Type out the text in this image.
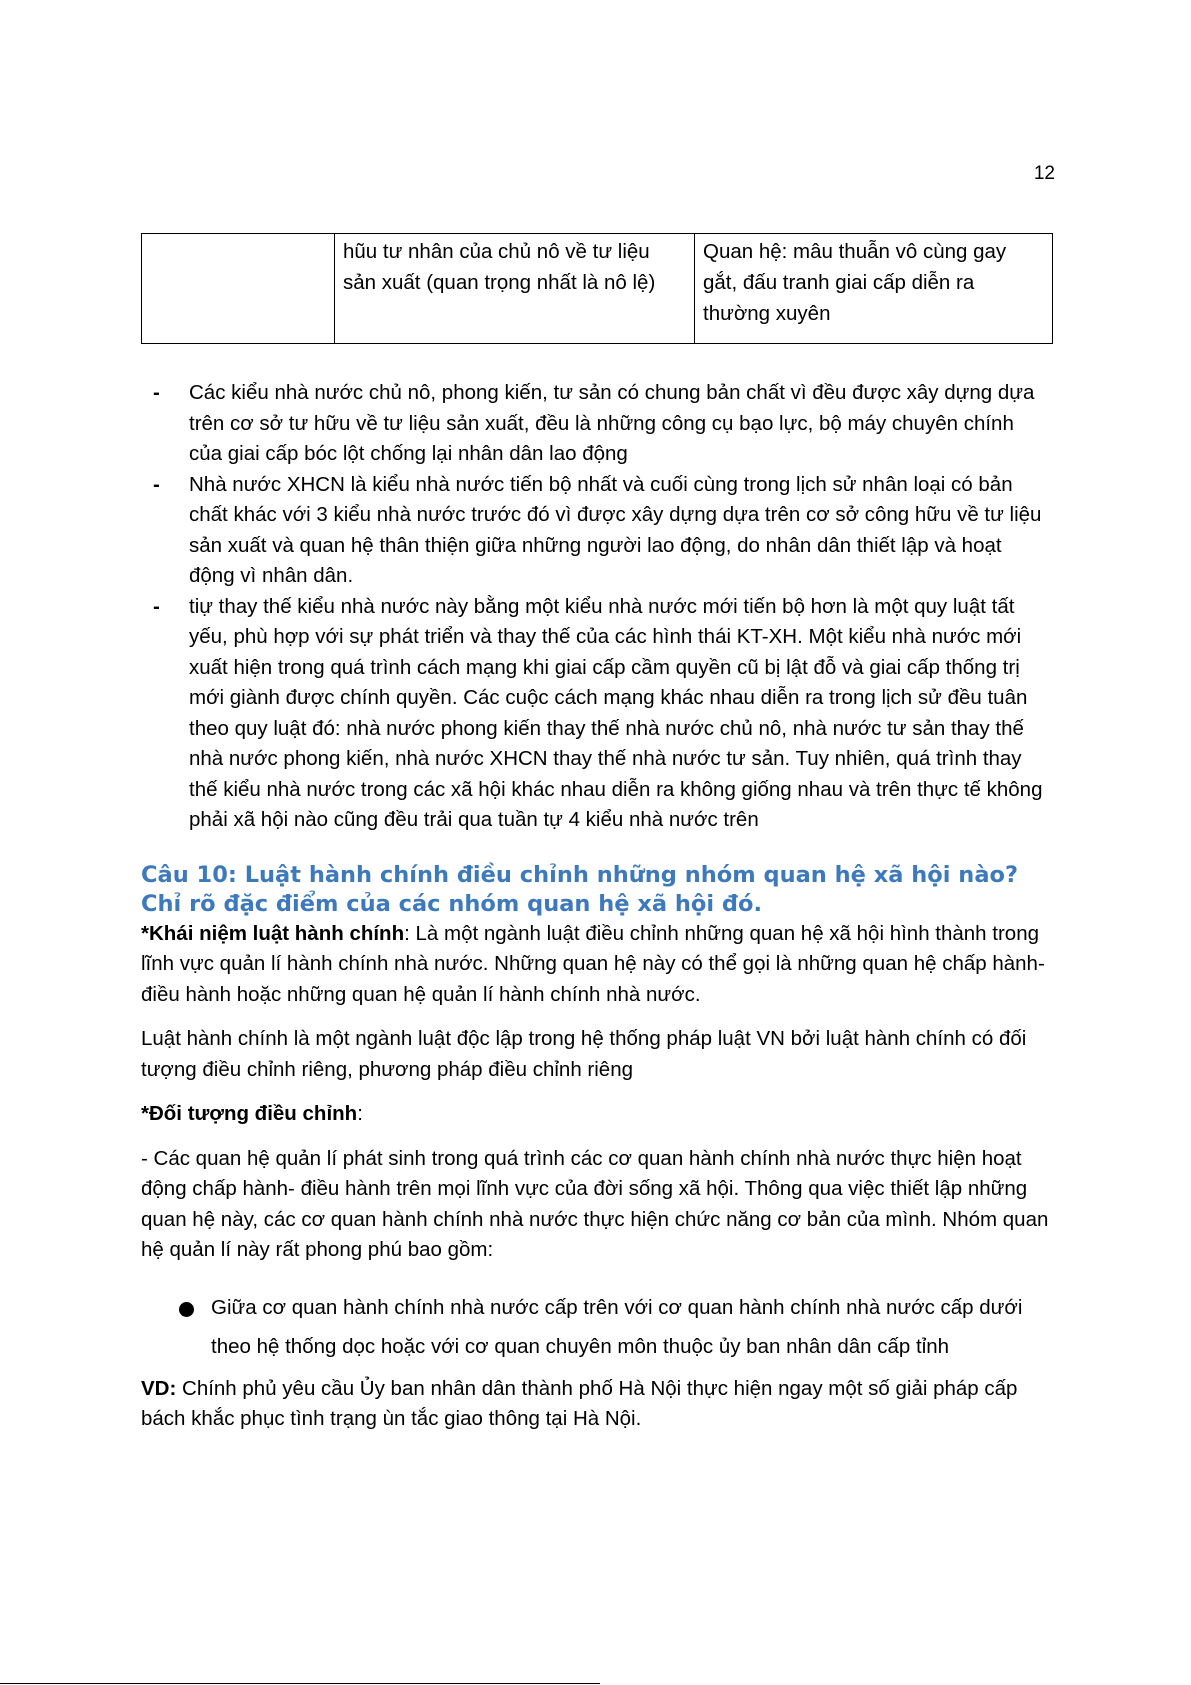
12
	hũu tư nhân của chủ nô về tư liệu sản xuất (quan trọng nhất là nô lệ)	Quan hệ: mâu thuẫn vô cùng gay gắt, đấu tranh giai cấp diễn ra thường xuyên
- Các kiểu nhà nước chủ nô, phong kiến, tư sản có chung bản chất vì đều được xây dựng dựa trên cơ sở tư hữu về tư liệu sản xuất, đều là những công cụ bạo lực, bộ máy chuyên chính của giai cấp bóc lột chống lại nhân dân lao động
- Nhà nước XHCN là kiểu nhà nước tiến bộ nhất và cuối cùng trong lịch sử nhân loại có bản chất khác với 3 kiểu nhà nước trước đó vì được xây dựng dựa trên cơ sở công hữu về tư liệu sản xuất và quan hệ thân thiện giữa những người lao động, do nhân dân thiết lập và hoạt động vì nhân dân.
- tiự thay thế kiểu nhà nước này bằng một kiểu nhà nước mới tiến bộ hơn là một quy luật tất yếu, phù hợp với sự phát triển và thay thế của các hình thái KT-XH. Một kiểu nhà nước mới xuất hiện trong quá trình cách mạng khi giai cấp cầm quyền cũ bị lật đỗ và giai cấp thống trị mới giành được chính quyền. Các cuộc cách mạng khác nhau diễn ra trong lịch sử đều tuân theo quy luật đó: nhà nước phong kiến thay thế nhà nước chủ nô, nhà nước tư sản thay thế nhà nước phong kiến, nhà nước XHCN thay thế nhà nước tư sản. Tuy nhiên, quá trình thay thế kiểu nhà nước trong các xã hội khác nhau diễn ra không giống nhau và trên thực tế không phải xã hội nào cũng đều trải qua tuần tự 4 kiểu nhà nước trên
Câu 10: Luật hành chính điều chỉnh những nhóm quan hệ xã hội nào? Chỉ rõ đặc điểm của các nhóm quan hệ xã hội đó.

*Khái niệm luật hành chính: Là một ngành luật điều chỉnh những quan hệ xã hội hình thành trong lĩnh vực quản lí hành chính nhà nước. Những quan hệ này có thể gọi là những quan hệ chấp hành- điều hành hoặc những quan hệ quản lí hành chính nhà nước.

Luật hành chính là một ngành luật độc lập trong hệ thống pháp luật VN bởi luật hành chính có đối tượng điều chỉnh riêng, phương pháp điều chỉnh riêng

*Đối tượng điều chỉnh:

- Các quan hệ quản lí phát sinh trong quá trình các cơ quan hành chính nhà nước thực hiện hoạt động chấp hành- điều hành trên mọi lĩnh vực của đời sống xã hội. Thông qua việc thiết lập những quan hệ này, các cơ quan hành chính nhà nước thực hiện chức năng cơ bản của mình. Nhóm quan hệ quản lí này rất phong phú bao gồm:

Giữa cơ quan hành chính nhà nước cấp trên với cơ quan hành chính nhà nước cấp dưới theo hệ thống dọc hoặc với cơ quan chuyên môn thuộc ủy ban nhân dân cấp tỉnh

VD: Chính phủ yêu cầu Ủy ban nhân dân thành phố Hà Nội thực hiện ngay một số giải pháp cấp bách khắc phục tình trạng ùn tắc giao thông tại Hà Nội.
